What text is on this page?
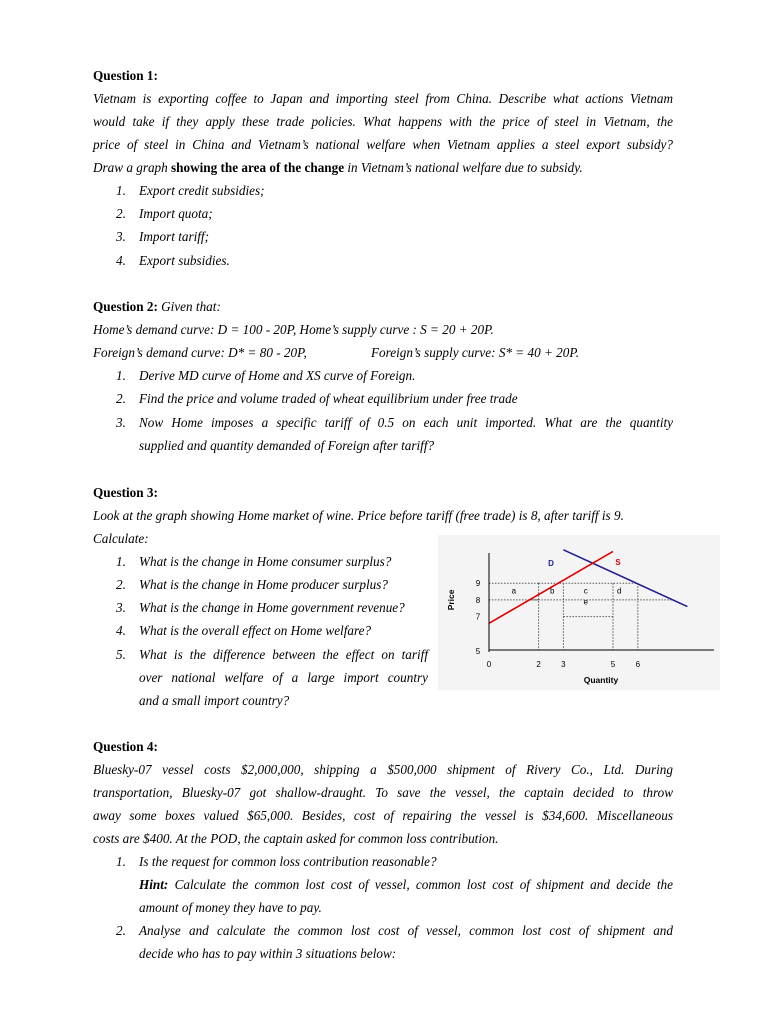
Question 1:
Vietnam is exporting coffee to Japan and importing steel from China. Describe what actions Vietnam
would take if they apply these trade policies. What happens with the price of steel in Vietnam, the
price of steel in China and Vietnam’s national welfare when Vietnam applies a steel export subsidy?
Draw a graph showing the area of the change in Vietnam’s national welfare due to subsidy.
1. Export credit subsidies;
2. Import quota;
3. Import tariff;
4. Export subsidies.
Question 2: Given that:
Home’s demand curve: D = 100 - 20P, Home’s supply curve : S = 20 + 20P.
Foreign’s demand curve: D* = 80 - 20P,	Foreign’s supply curve: S* = 40 + 20P.
1. Derive MD curve of Home and XS curve of Foreign.
2. Find the price and volume traded of wheat equilibrium under free trade
3. Now Home imposes a specific tariff of 0.5 on each unit imported. What are the quantity
supplied and quantity demanded of Foreign after tariff?
Question 3:
Look at the graph showing Home market of wine. Price before tariff (free trade) is 8, after tariff is 9.
Calculate:
1. What is the change in Home consumer surplus?
2. What is the change in Home producer surplus?
3. What is the change in Home government revenue?
4. What is the overall effect on Home welfare?
5. What is the difference between the effect on tariff
over national welfare of a large import country
and a small import country?
0	2	3	5	6
5
7
8
9
Quantity
Price
D	S
a	b	c	d
e
Question 4:
Bluesky-07 vessel costs $2,000,000, shipping a $500,000 shipment of Rivery Co., Ltd. During
transportation, Bluesky-07 got shallow-draught. To save the vessel, the captain decided to throw
away some boxes valued $65,000. Besides, cost of repairing the vessel is $34,600. Miscellaneous
costs are $400. At the POD, the captain asked for common loss contribution.
1. Is the request for common loss contribution reasonable?
Hint: Calculate the common lost cost of vessel, common lost cost of shipment and decide the
amount of money they have to pay.
2. Analyse and calculate the common lost cost of vessel, common lost cost of shipment and
decide who has to pay within 3 situations below:
